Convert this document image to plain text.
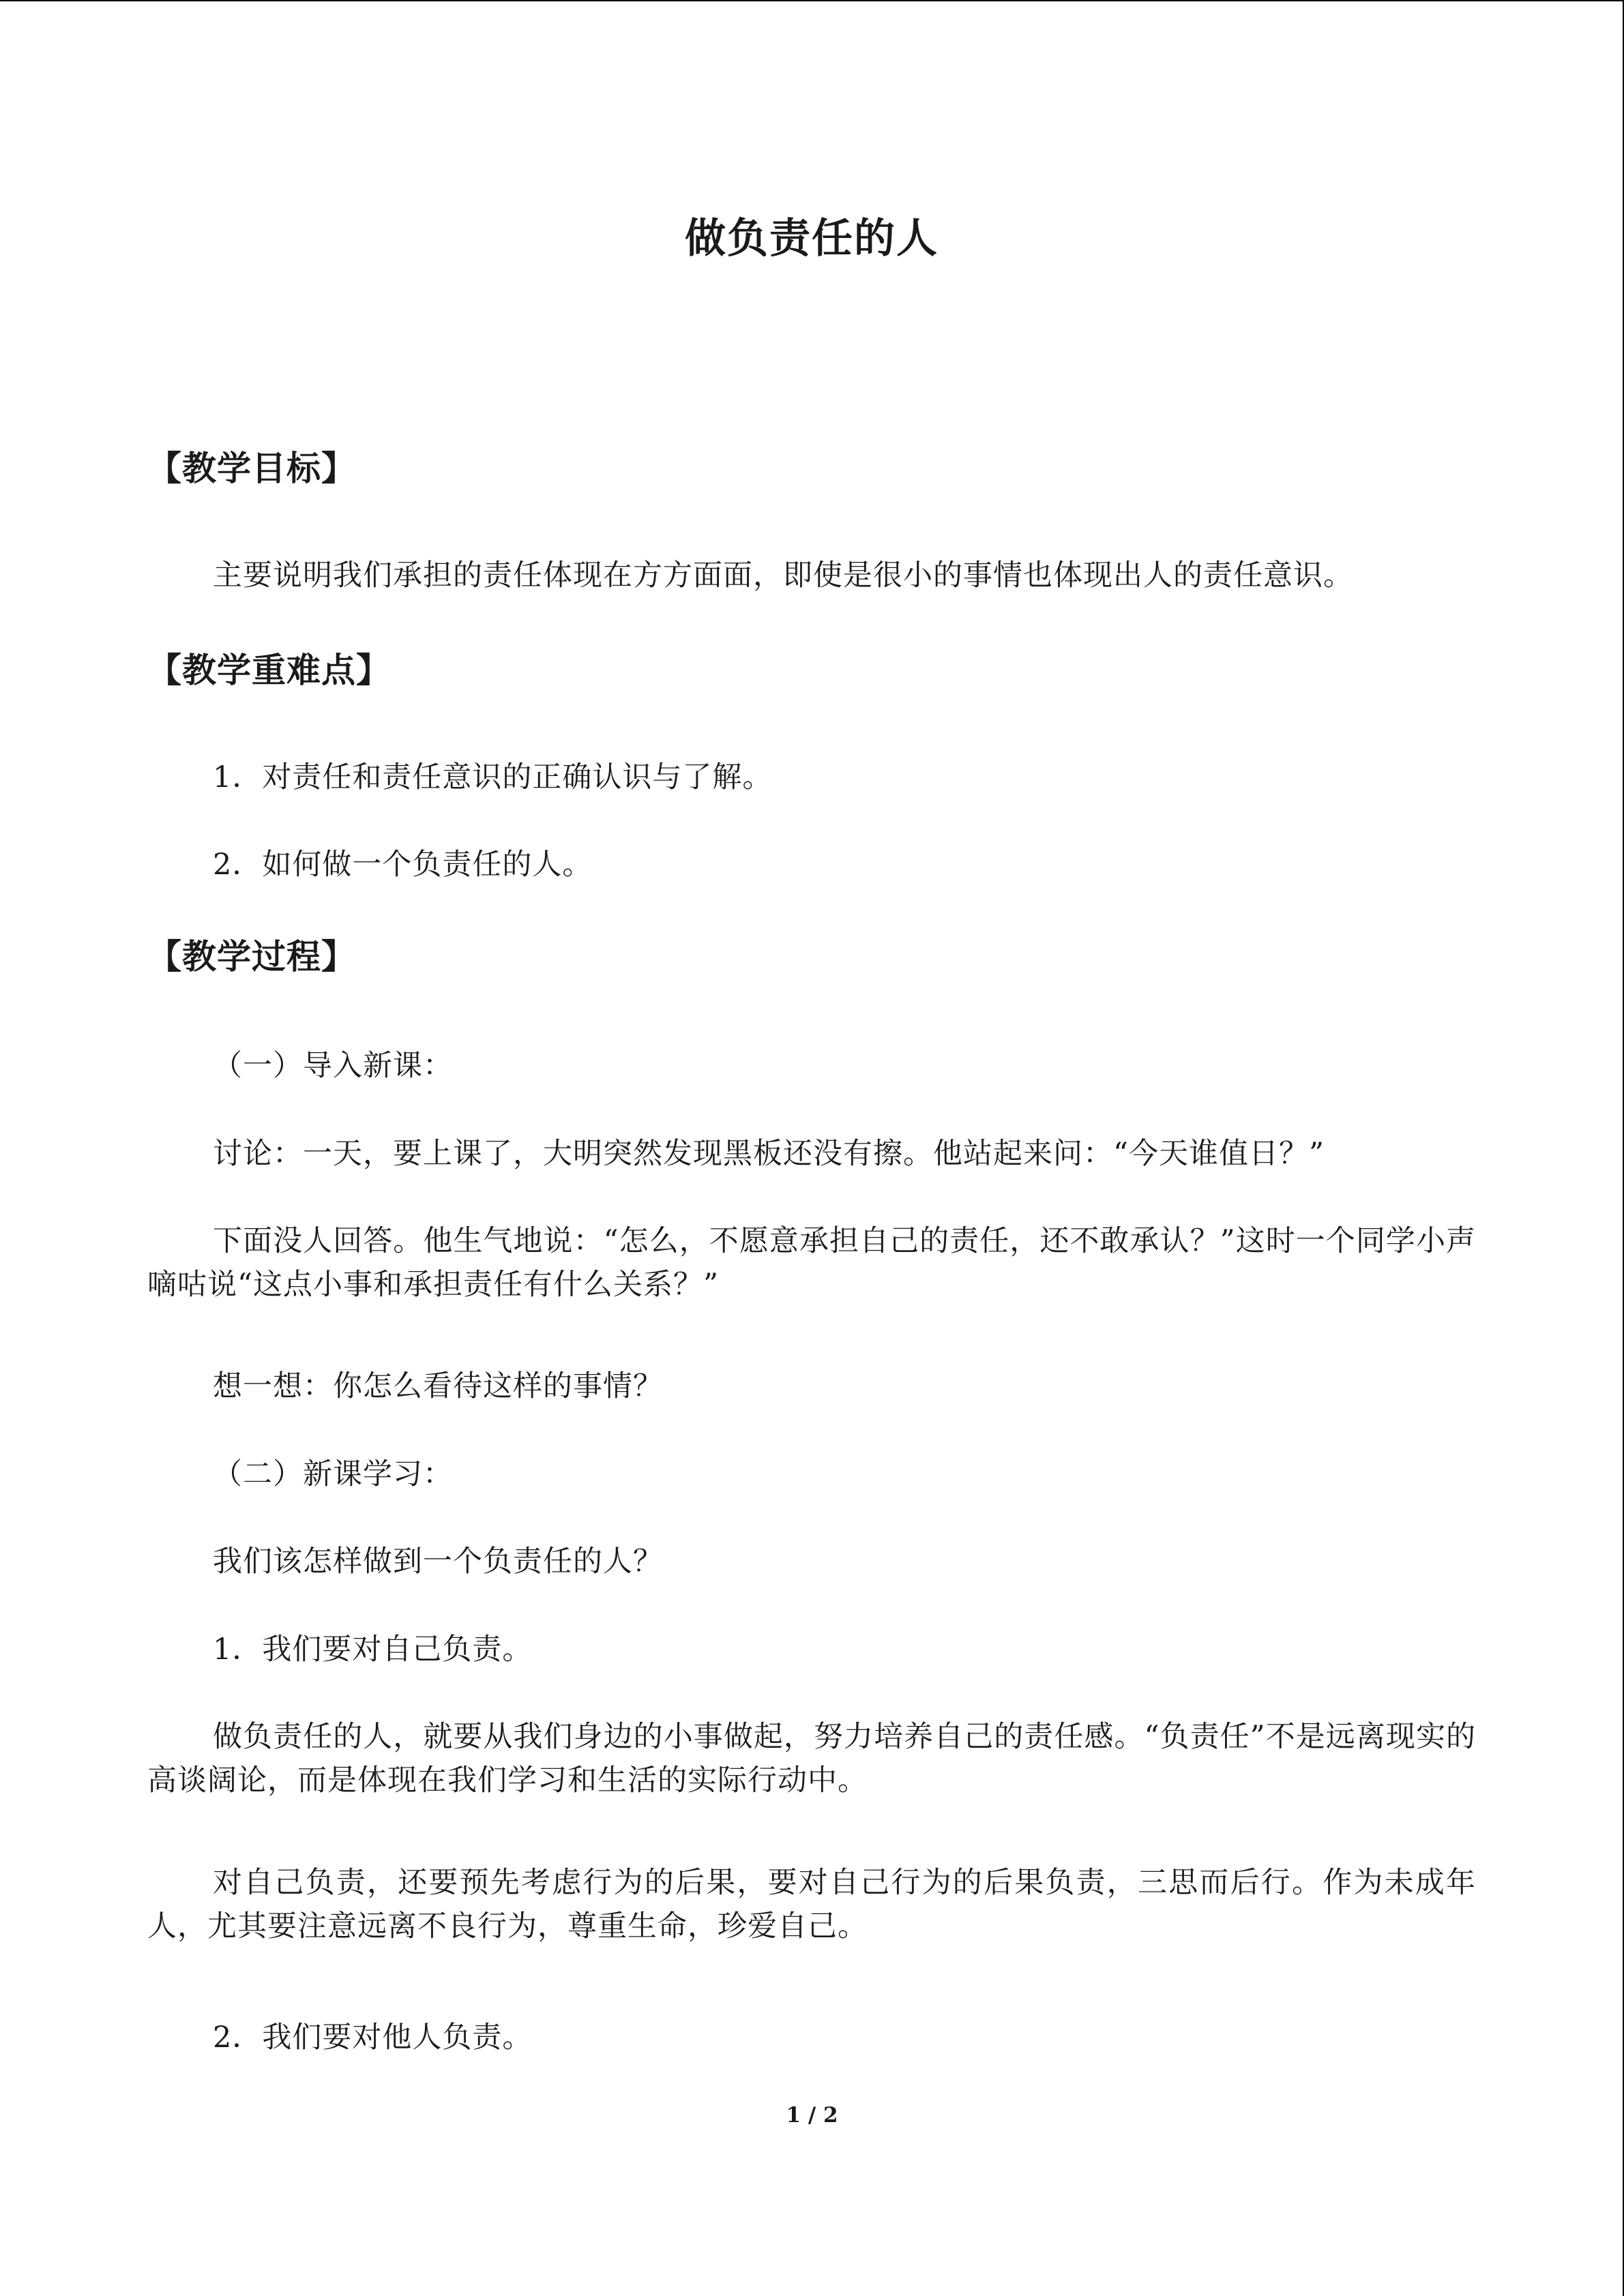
做负责任的人
【教学目标】
主要说明我们承担的责任体现在方方面面，即使是很小的事情也体现出人的责任意识。
【教学重难点】
1．对责任和责任意识的正确认识与了解。
2．如何做一个负责任的人。
【教学过程】
（一）导入新课：
讨论：一天，要上课了，大明突然发现黑板还没有擦。他站起来问：“今天谁值日？”
下面没人回答。他生气地说：“怎么，不愿意承担自己的责任，还不敢承认？”这时一个同学小声嘀咕说“这点小事和承担责任有什么关系？”
想一想：你怎么看待这样的事情？
（二）新课学习：
我们该怎样做到一个负责任的人？
1．我们要对自己负责。
做负责任的人，就要从我们身边的小事做起，努力培养自己的责任感。“负责任”不是远离现实的高谈阔论，而是体现在我们学习和生活的实际行动中。
对自己负责，还要预先考虑行为的后果，要对自己行为的后果负责，三思而后行。作为未成年人，尤其要注意远离不良行为，尊重生命，珍爱自己。
2．我们要对他人负责。
1 / 2
